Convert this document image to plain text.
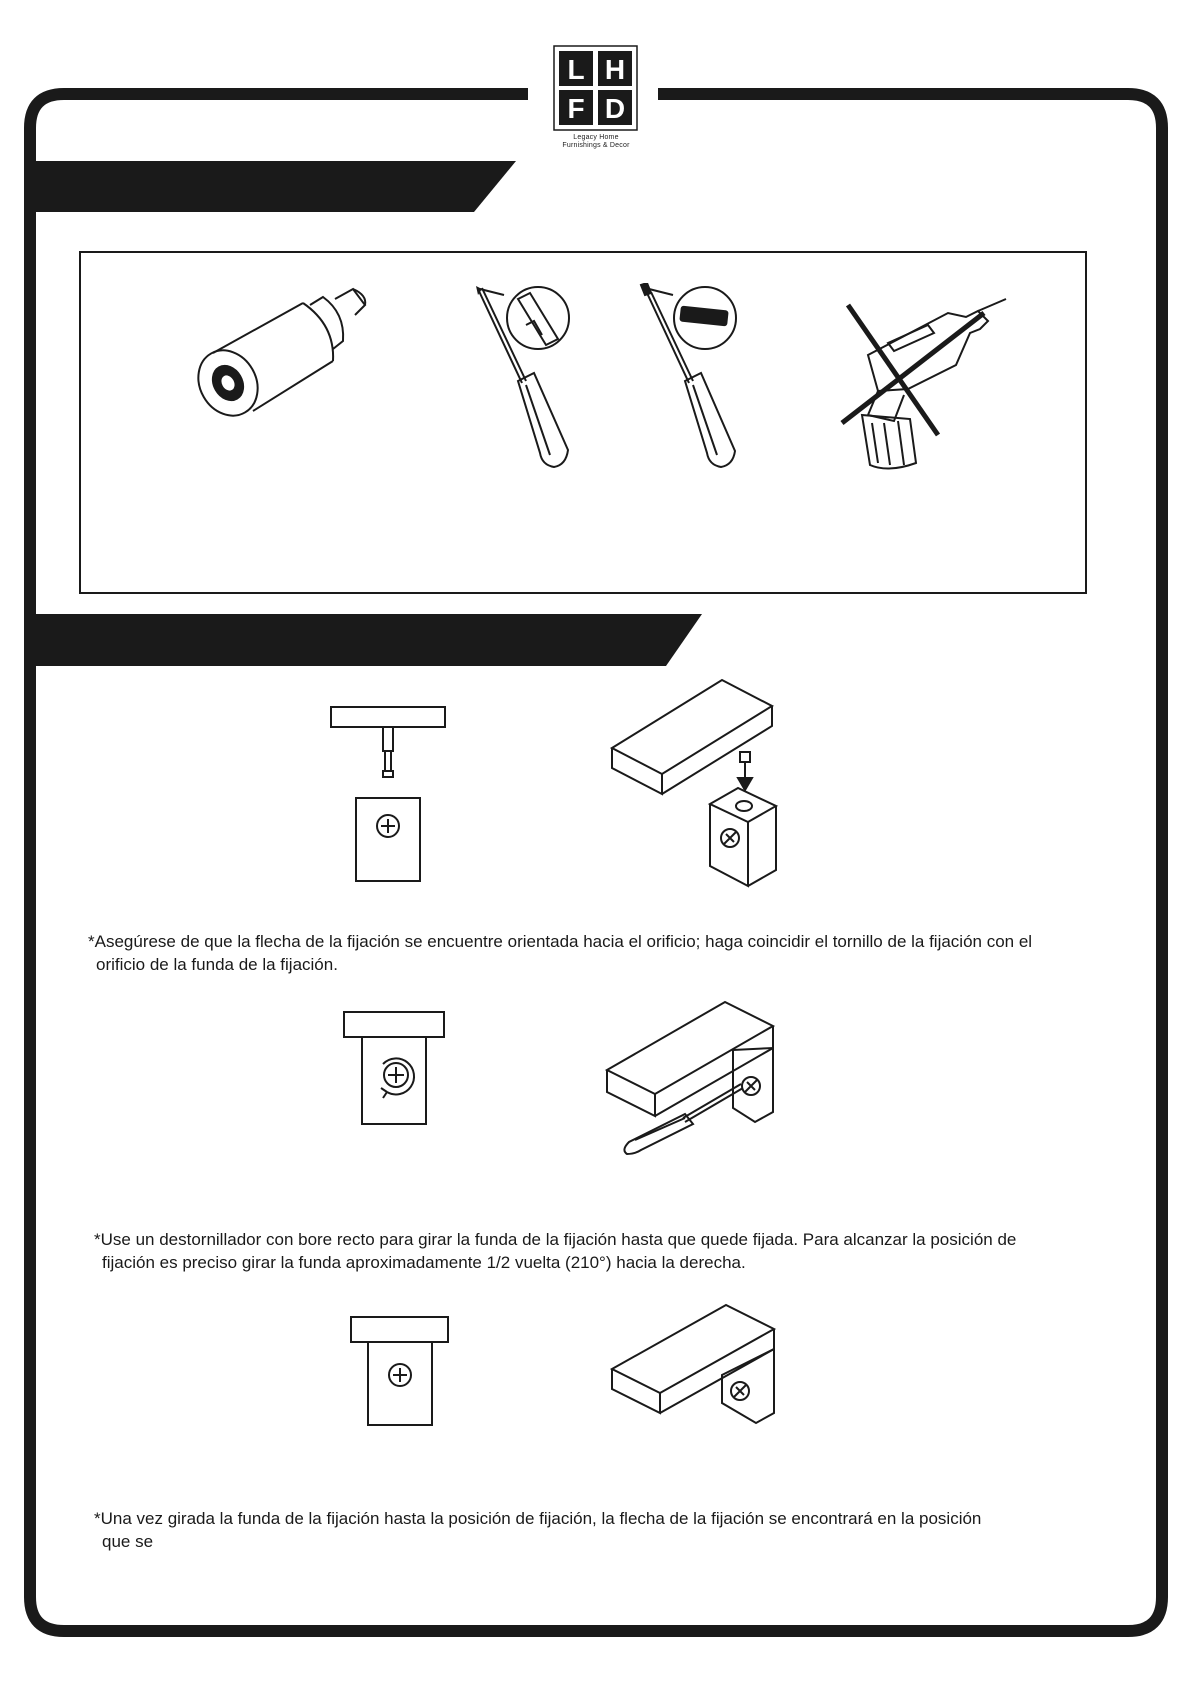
L H
F D
Legacy Home
Furnishings & Decor
*Asegúrese de que la flecha de la fijación se encuentre orientada hacia el orificio; haga coincidir el tornillo de la fijación con el
orificio de la funda de la fijación.
*Use un destornillador con bore recto para girar la funda de la fijación hasta que quede fijada. Para alcanzar la posición de
fijación es preciso girar la funda aproximadamente 1/2 vuelta (210°) hacia la derecha.
*Una vez girada la funda de la fijación hasta la posición de fijación, la flecha de la fijación se encontrará en la posición
que se
